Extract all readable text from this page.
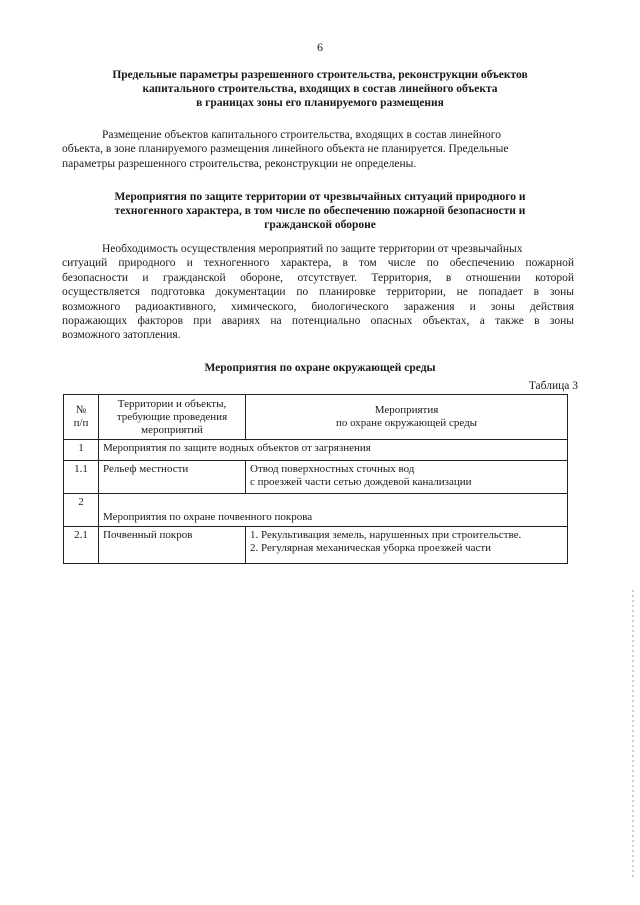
6
Предельные параметры разрешенного строительства, реконструкции объектов
капитального строительства, входящих в состав линейного объекта
в границах зоны его планируемого размещения
Размещение объектов капитального строительства, входящих в состав линейного
объекта, в зоне планируемого размещения линейного объекта не планируется. Предельные
параметры разрешенного строительства, реконструкции не определены.
Мероприятия по защите территории от чрезвычайных ситуаций природного и
техногенного характера, в том числе по обеспечению пожарной безопасности и
гражданской обороне
Необходимость осуществления мероприятий по защите территории от чрезвычайных
ситуаций природного и техногенного характера, в том числе по обеспечению пожарной
безопасности и гражданской обороне, отсутствует. Территория, в отношении которой
осуществляется подготовка документации по планировке территории, не попадает в зоны
возможного радиоактивного, химического, биологического заражения и зоны действия
поражающих факторов при авариях на потенциально опасных объектах, а также в зоны
возможного затопления.
Мероприятия по охране окружающей среды
Таблица 3
№
п/п	Территории и объекты,
требующие проведения
мероприятий	Мероприятия
по охране окружающей среды

1	Мероприятия по защите водных объектов от загрязнения	
1.1	Рельеф местности	Отвод поверхностных сточных вод
с проезжей части сетью дождевой канализации

2	Мероприятия по охране почвенного покрова	
2.1	Почвенный покров	1. Рекультивация земель, нарушенных при строительстве.
2. Регулярная механическая уборка проезжей части
